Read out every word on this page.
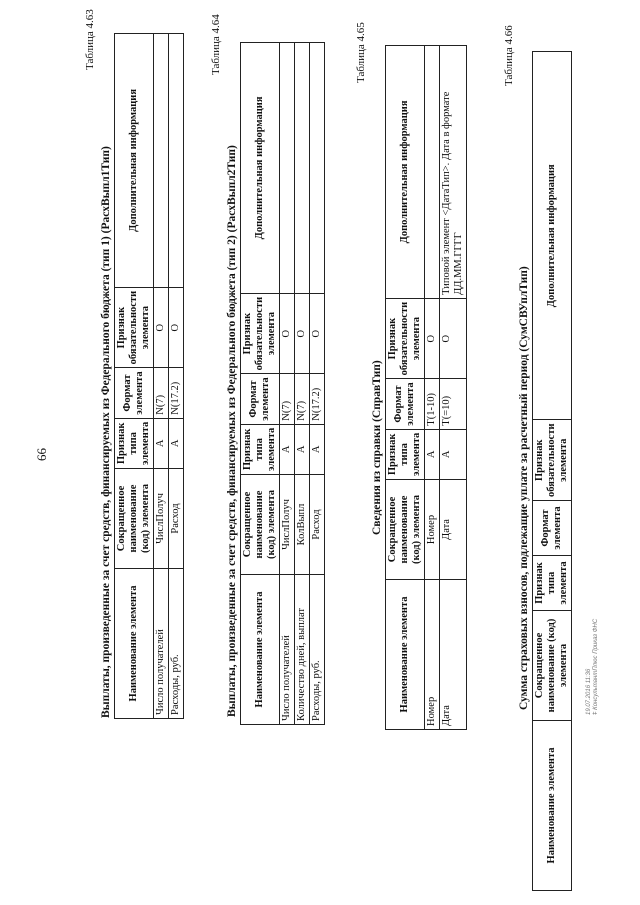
66
Таблица 4.63
Выплаты, произведенные за счет средств, финансируемых из Федерального бюджета (тип 1) (РасхВыпл1Тип) Наименование элемента	Сокращенное наименование (код) элемента	Признак типа элемента	Формат элемента	Признак обязательности элемента	Дополнительная информация
Число получателей	ЧислПолуч	А	N(7)	О	
Расходы, руб.	Расход	А	N(17.2)	О	
Таблица 4.64
Выплаты, произведенные за счет средств, финансируемых из Федерального бюджета (тип 2) (РасхВыпл2Тип) Наименование элемента	Сокращенное наименование (код) элемента	Признак типа элемента	Формат элемента	Признак обязательности элемента	Дополнительная информация
Число получателей	ЧислПолуч	А	N(7)	О	
Количество дней, выплат	КолВыпл	А	N(7)	О	
Расходы, руб.	Расход	А	N(17.2)	О	
Таблица 4.65
Сведения из справки (СправТип)
Наименование элемента	Сокращенное наименование (код) элемента	Признак типа элемента	Формат элемента	Признак обязательности элемента	Дополнительная информация
Номер	Номер	А	T(1-10)	О	
Дата	Дата	А	T(=10)	О	Типовой элемент <ДатаТип>. Дата в формате ДД.ММ.ГГГГ
Таблица 4.66
Сумма страховых взносов, подлежащие уплате за расчетный период (СумСВУплТип)
Наименование элемента	Сокращенное наименование (код) элемента	Признак типа элемента	Формат элемента	Признак обязательности элемента	Дополнительная информация
19.07.2016 11:36 ǂ КонсультантПлюс Приказ ФНС
